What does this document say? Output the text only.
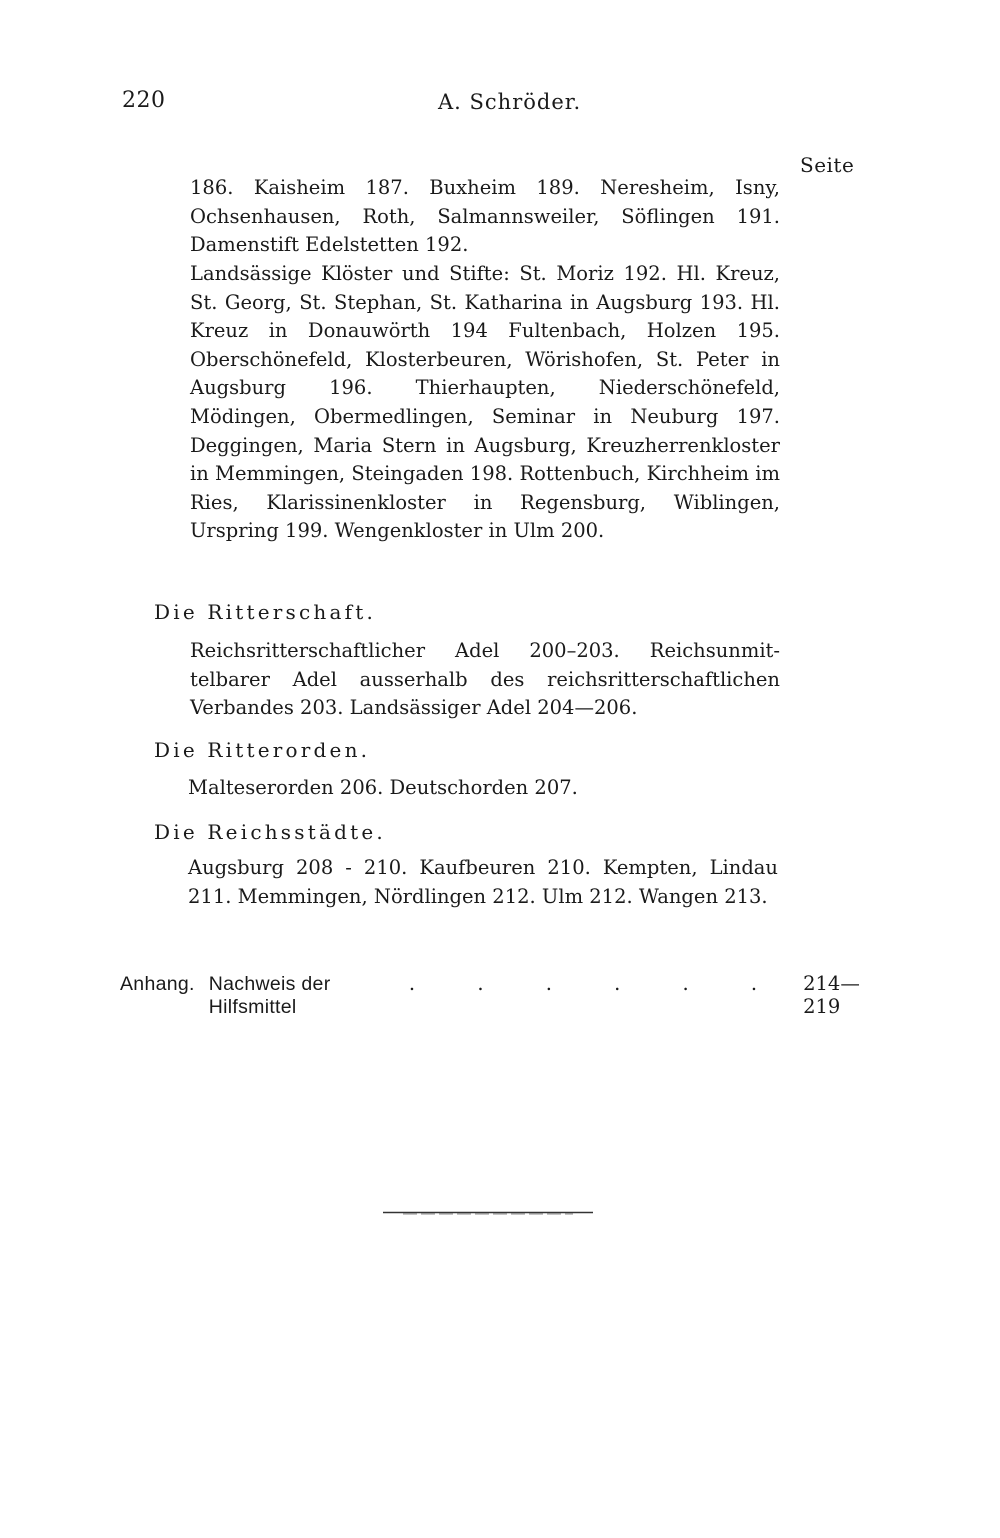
220	A. Schröder.
Seite
186. Kaisheim 187. Buxheim 189. Neresheim, Isny, Ochsenhausen, Roth, Salmannsweiler, Söflingen 191. Damenstift Edelstetten 192.
Landsässige Klöster und Stifte: St. Moriz 192. Hl. Kreuz, St. Georg, St. Stephan, St. Katharina in Augsburg 193. Hl. Kreuz in Donauwörth 194 Fultenbach, Holzen 195. Oberschönefeld, Klosterbeuren, Wörishofen, St. Peter in Augsburg 196. Thierhaupten, Niederschönefeld, Mödingen, Obermedlingen, Seminar in Neuburg 197. Deggingen, Maria Stern in Augsburg, Kreuzherrenkloster in Memmingen, Steingaden 198. Rottenbuch, Kirchheim im Ries, Klarissinenkloster in Regensburg, Wiblingen, Urspring 199. Wengenkloster in Ulm 200.
Die Ritterschaft.
Reichsritterschaftlicher Adel 200–203. Reichsunmittelbarer Adel ausserhalb des reichsritterschaftlichen Verbandes 203. Landsässiger Adel 204—206.
Die Ritterorden.
Malteserorden 206. Deutschorden 207.
Die Reichsstädte.
Augsburg 208 - 210. Kaufbeuren 210. Kempten, Lindau 211. Memmingen, Nördlingen 212. Ulm 212. Wangen 213.
Anhang. Nachweis der Hilfsmittel
. . . . . . 214—219
